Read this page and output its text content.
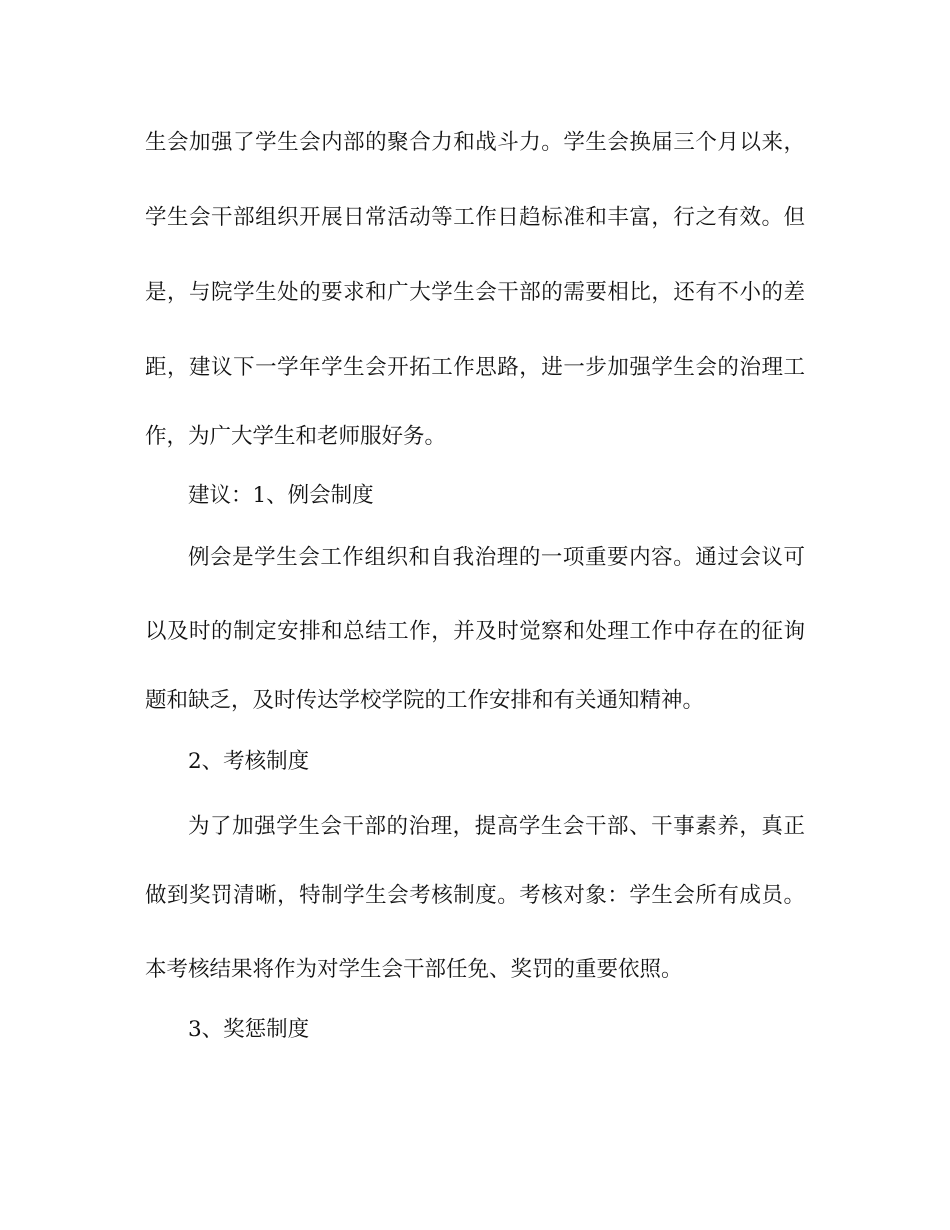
生会加强了学生会内部的聚合力和战斗力。学生会换届三个月以来，
学生会干部组织开展日常活动等工作日趋标准和丰富，行之有效。但
是，与院学生处的要求和广大学生会干部的需要相比，还有不小的差
距，建议下一学年学生会开拓工作思路，进一步加强学生会的治理工
作，为广大学生和老师服好务。
建议：1、例会制度
例会是学生会工作组织和自我治理的一项重要内容。通过会议可
以及时的制定安排和总结工作，并及时觉察和处理工作中存在的征询
题和缺乏，及时传达学校学院的工作安排和有关通知精神。
2、考核制度
为了加强学生会干部的治理，提高学生会干部、干事素养，真正
做到奖罚清晰，特制学生会考核制度。考核对象：学生会所有成员。
本考核结果将作为对学生会干部任免、奖罚的重要依照。
3、奖惩制度
